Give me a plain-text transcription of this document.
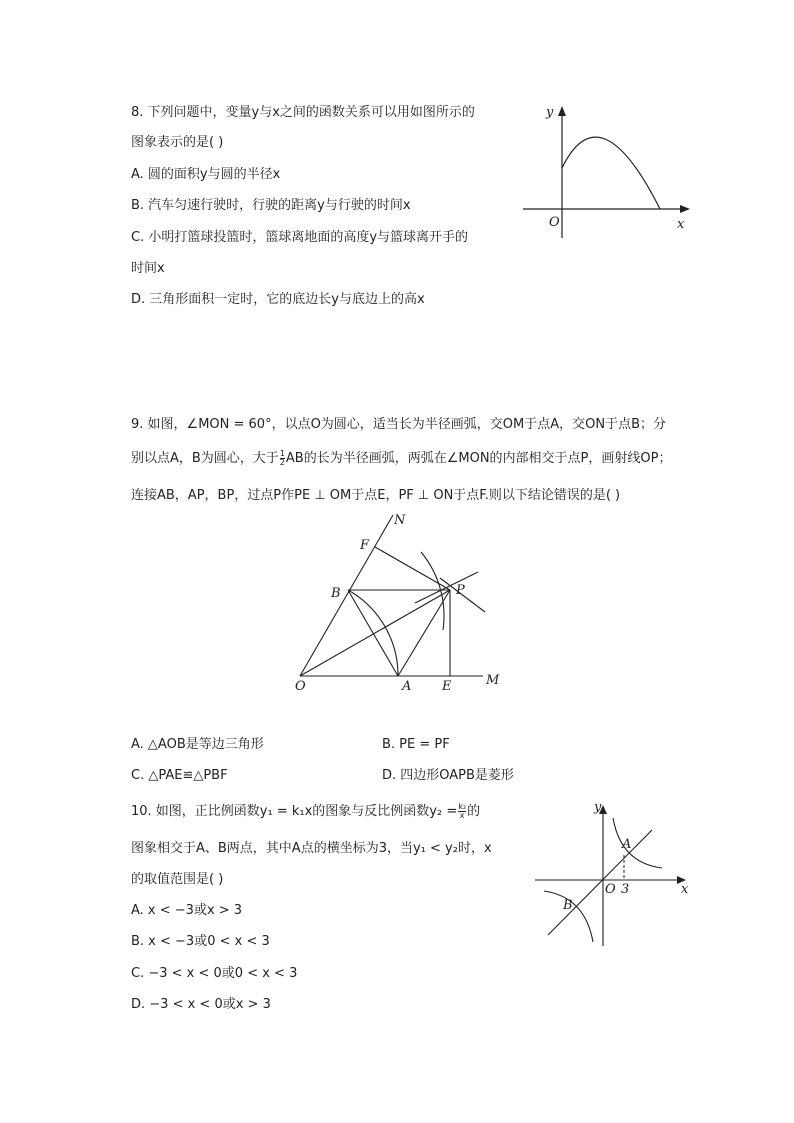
8. 下列问题中，变量y与x之间的函数关系可以用如图所示的
图象表示的是( )
A. 圆的面积y与圆的半径x
B. 汽车匀速行驶时，行驶的距离y与行驶的时间x
C. 小明打篮球投篮时，篮球离地面的高度y与篮球离开手的
时间x
D. 三角形面积一定时，它的底边长y与底边上的高x
y
x
O
9. 如图，∠MON = 60°，以点O为圆心，适当长为半径画弧，交OM于点A，交ON于点B；分
别以点A，B为圆心，大于 $\frac{1}{2}$ AB的长为半径画弧，两弧在∠MON的内部相交于点P，画射线OP；
连接AB，AP，BP，过点P作PE ⊥ OM于点E，PF ⊥ ON于点F.则以下结论错误的是( )
N
F
B	P
O	A E	M
A. △AOB是等边三角形	B. PE = PF
C. △PAE≌△PBF	D. 四边形OAPB是菱形
10. 如图，正比例函数y₁ = k₁x的图象与反比例函数$y_2 = \frac{\text{k₂}}{x}$ 的
图象相交于A、B两点，其中A点的横坐标为3，当y₁ < y₂时，x
的取值范围是( )
A. x < −3或x > 3
B. x < −3或0 < x < 3
C. −3 < x < 0或0 < x < 3
D. −3 < x < 0或x > 3
y
x
O
A
B
3
